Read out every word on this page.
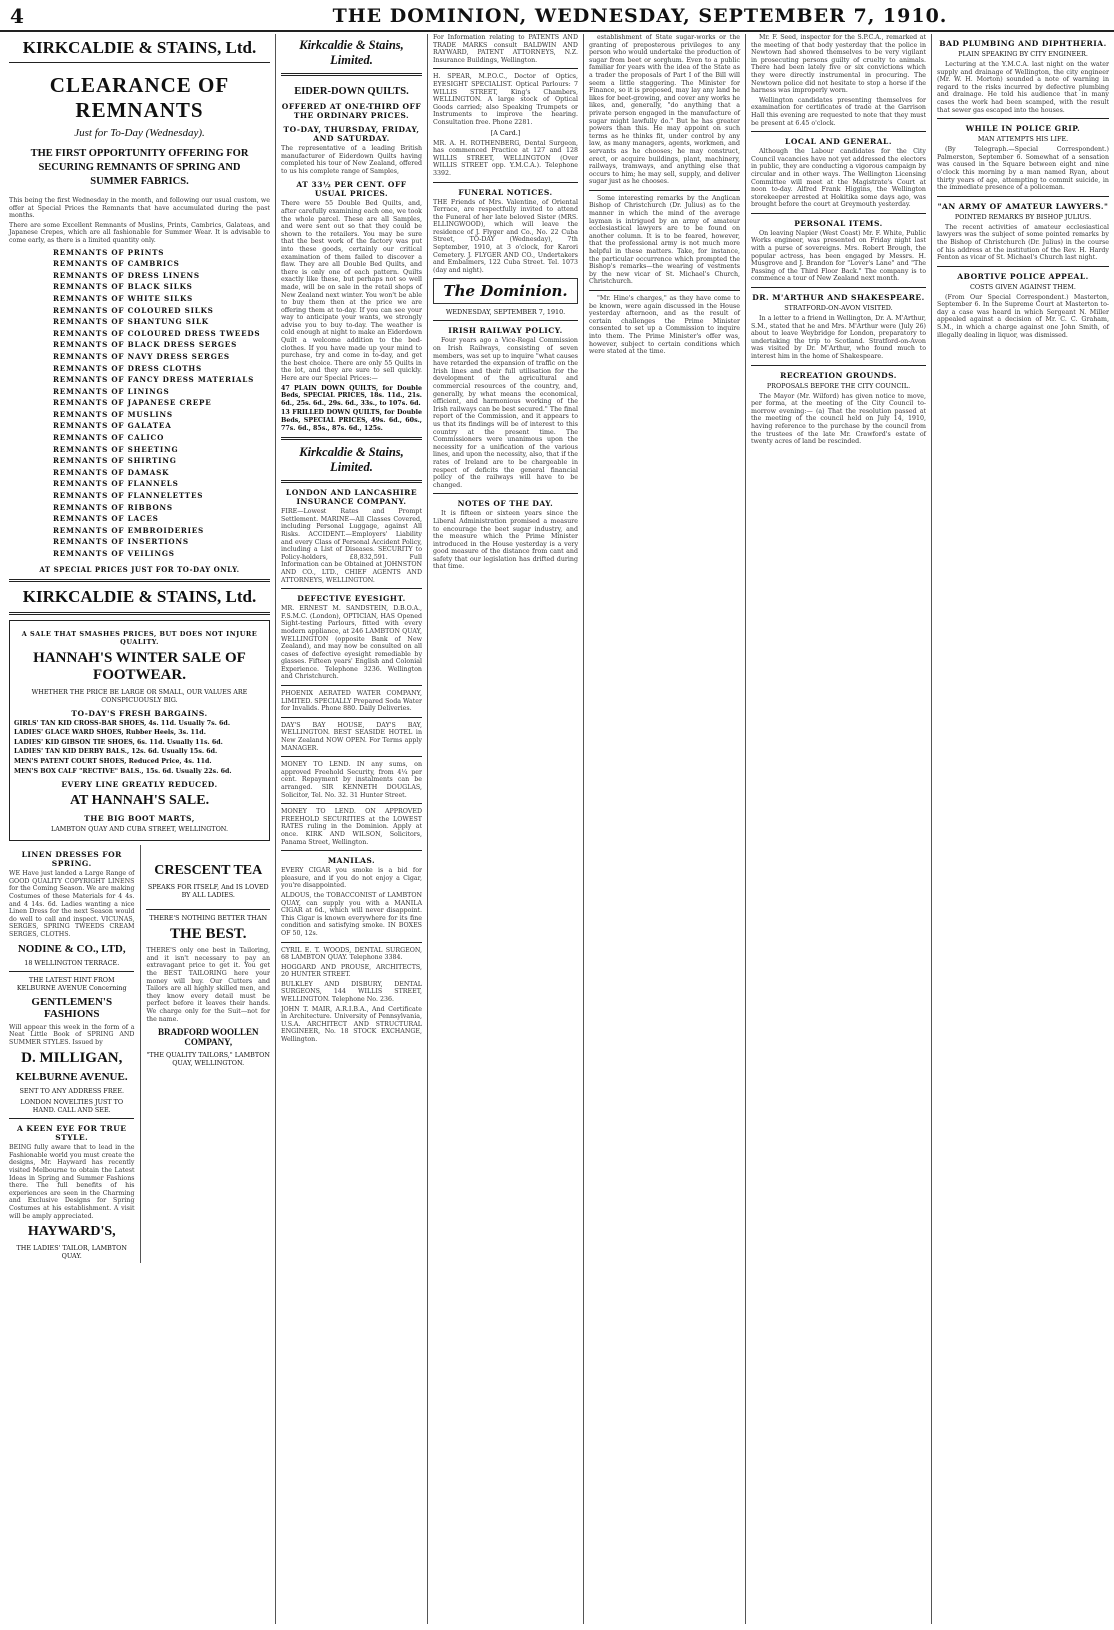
4	THE DOMINION, WEDNESDAY, SEPTEMBER 7, 1910.
KIRKCALDIE & STAINS, Ltd.
CLEARANCE OF REMNANTS
Just for To-Day (Wednesday).
THE FIRST OPPORTUNITY OFFERING FOR SECURING REMNANTS OF SPRING AND SUMMER FABRICS.

This being the first Wednesday in the month, and following our usual custom, we offer at Special Prices the Remnants that have accumulated during the past months.

There are some Excellent Remnants of Muslins, Prints, Cambrics, Galateas, and Japanese Crepes, which are all fashionable for Summer Wear. It is advisable to come early, as there is a limited quantity only.

REMNANTS OF PRINTS
REMNANTS OF CAMBRICS
REMNANTS OF DRESS LINENS
REMNANTS OF BLACK SILKS
REMNANTS OF WHITE SILKS
REMNANTS OF COLOURED SILKS
REMNANTS OF SHANTUNG SILK
REMNANTS OF COLOURED DRESS TWEEDS
REMNANTS OF BLACK DRESS SERGES
REMNANTS OF NAVY DRESS SERGES
REMNANTS OF DRESS CLOTHS
REMNANTS OF FANCY DRESS MATERIALS
REMNANTS OF LININGS
REMNANTS OF JAPANESE CREPE
REMNANTS OF MUSLINS
REMNANTS OF GALATEA
REMNANTS OF CALICO
REMNANTS OF SHEETING
REMNANTS OF SHIRTING
REMNANTS OF DAMASK
REMNANTS OF FLANNELS
REMNANTS OF FLANNELETTES
REMNANTS OF RIBBONS
REMNANTS OF LACES
REMNANTS OF EMBROIDERIES
REMNANTS OF INSERTIONS
REMNANTS OF VEILINGS
AT SPECIAL PRICES JUST FOR TO-DAY ONLY.
KIRKCALDIE & STAINS, Ltd.
A SALE THAT SMASHES PRICES, BUT DOES NOT INJURE QUALITY.
HANNAH'S WINTER SALE OF FOOTWEAR.
WHETHER THE PRICE BE LARGE OR SMALL, OUR VALUES ARE CONSPICUOUSLY BIG.
TO-DAY'S FRESH BARGAINS.

GIRLS' TAN KID CROSS-BAR SHOES, 4s. 11d. Usually 7s. 6d.

LADIES' GLACE WARD SHOES, Rubber Heels, 3s. 11d.

LADIES' KID GIBSON TIE SHOES, 6s. 11d. Usually 11s. 6d.

LADIES' TAN KID DERBY BALS., 12s. 6d. Usually 15s. 6d.

MEN'S PATENT COURT SHOES, Reduced Price, 4s. 11d.

MEN'S BOX CALF "RECTIVE" BALS., 15s. 6d. Usually 22s. 6d.

EVERY LINE GREATLY REDUCED.
AT HANNAH'S SALE.
THE BIG BOOT MARTS,
LAMBTON QUAY AND CUBA STREET, WELLINGTON.
LINEN DRESSES FOR SPRING.

WE Have just landed a Large Range of GOOD QUALITY COPYRIGHT LINENS for the Coming Season. We are making Costumes of these Materials for 4 4s. and 4 14s. 6d. Ladies wanting a nice Linen Dress for the next Season would do well to call and inspect. VICUNAS, SERGES, SPRING TWEEDS CREAM SERGES, CLOTHS.

NODINE & CO., LTD,
18 WELLINGTON TERRACE.
THE LATEST HINT FROM KELBURNE AVENUE Concerning
GENTLEMEN'S FASHIONS

Will appear this week in the form of a Neat Little Book of SPRING AND SUMMER STYLES. Issued by

D. MILLIGAN,
KELBURNE AVENUE.
SENT TO ANY ADDRESS FREE.
LONDON NOVELTIES JUST TO HAND. CALL AND SEE.
A KEEN EYE FOR TRUE STYLE.

BEING fully aware that to lead in the Fashionable world you must create the designs, Mr. Hayward has recently visited Melbourne to obtain the Latest Ideas in Spring and Summer Fashions there. The full benefits of his experiences are seen in the Charming and Exclusive Designs for Spring Costumes at his establishment. A visit will be amply appreciated.

HAYWARD'S,
THE LADIES' TAILOR, LAMBTON QUAY.
CRESCENT TEA
SPEAKS FOR ITSELF, And IS LOVED BY ALL LADIES.
THERE'S NOTHING BETTER THAN
THE BEST.

THERE'S only one best in Tailoring, and it isn't necessary to pay an extravagant price to get it. You get the BEST TAILORING here your money will buy. Our Cutters and Tailors are all highly skilled men, and they know every detail must be perfect before it leaves their hands. We charge only for the Suit—not for the name.

BRADFORD WOOLLEN COMPANY,
"THE QUALITY TAILORS," LAMBTON QUAY, WELLINGTON.
Kirkcaldie & Stains, Limited.
EIDER-DOWN QUILTS.
OFFERED AT ONE-THIRD OFF THE ORDINARY PRICES.
TO-DAY, THURSDAY, FRIDAY, AND SATURDAY.

The representative of a leading British manufacturer of Eiderdown Quilts having completed his tour of New Zealand, offered to us his complete range of Samples,

AT 33½ PER CENT. OFF USUAL PRICES.

There were 55 Double Bed Quilts, and, after carefully examining each one, we took the whole parcel. These are all Samples, and were sent out so that they could be shown to the retailers. You may be sure that the best work of the factory was put into these goods, certainly our critical examination of them failed to discover a flaw. They are all Double Bed Quilts, and there is only one of each pattern. Quilts exactly like these, but perhaps not so well made, will be on sale in the retail shops of New Zealand next winter. You won't be able to buy them then at the price we are offering them at to-day. If you can see your way to anticipate your wants, we strongly advise you to buy to-day. The weather is cold enough at night to make an Eiderdown Quilt a welcome addition to the bed-clothes. If you have made up your mind to purchase, try and come in to-day, and get the best choice. There are only 55 Quilts in the lot, and they are sure to sell quickly. Here are our Special Prices:—

47 PLAIN DOWN QUILTS, for Double Beds, SPECIAL PRICES, 18s. 11d., 21s. 6d., 25s. 6d., 29s. 6d., 33s., to 107s. 6d.

13 FRILLED DOWN QUILTS, for Double Beds, SPECIAL PRICES, 49s. 6d., 60s., 77s. 6d., 85s., 87s. 6d., 125s.

Kirkcaldie & Stains, Limited.
LONDON AND LANCASHIRE INSURANCE COMPANY.

FIRE—Lowest Rates and Prompt Settlement. MARINE—All Classes Covered, including Personal Luggage, against All Risks. ACCIDENT.—Employers' Liability and every Class of Personal Accident Policy, including a List of Diseases. SECURITY to Policy-holders, £8,832,591. Full Information can be Obtained at JOHNSTON AND CO., LTD., CHIEF AGENTS AND ATTORNEYS, WELLINGTON.

DEFECTIVE EYESIGHT.

MR. ERNEST M. SANDSTEIN, D.B.O.A., F.S.M.C. (London), OPTICIAN, HAS Opened Sight-testing Parlours, fitted with every modern appliance, at 246 LAMBTON QUAY, WELLINGTON (opposite Bank of New Zealand), and may now be consulted on all cases of defective eyesight remediable by glasses. Fifteen years' English and Colonial Experience. Telephone 3236. Wellington and Christchurch.

PHOENIX AERATED WATER COMPANY, LIMITED. SPECIALLY Prepared Soda Water for Invalids. Phone 880. Daily Deliveries.

DAY'S BAY HOUSE, DAY'S BAY, WELLINGTON. BEST SEASIDE HOTEL in New Zealand NOW OPEN. For Terms apply MANAGER.

MONEY TO LEND. IN any sums, on approved Freehold Security, from 4¼ per cent. Repayment by instalments can be arranged. SIR KENNETH DOUGLAS, Solicitor, Tel. No. 32. 31 Hunter Street.

MONEY TO LEND. ON APPROVED FREEHOLD SECURITIES at the LOWEST RATES ruling in the Dominion. Apply at once. KIRK AND WILSON, Solicitors, Panama Street, Wellington.

MANILAS.

EVERY CIGAR you smoke is a bid for pleasure, and if you do not enjoy a Cigar, you're disappointed.

ALDOUS, the TOBACCONIST of LAMBTON QUAY, can supply you with a MANILA CIGAR at 6d., which will never disappoint. This Cigar is known everywhere for its fine condition and satisfying smoke. IN BOXES OF 50, 12s.

CYRIL E. T. WOODS, DENTAL SURGEON, 68 LAMBTON QUAY. Telephone 3384.

HOGGARD AND PROUSE, ARCHITECTS, 20 HUNTER STREET.

BULKLEY AND DISBURY, DENTAL SURGEONS, 144 WILLIS STREET, WELLINGTON. Telephone No. 236.

JOHN T. MAIR, A.R.I.B.A., And Certificate in Architecture. University of Pennsylvania, U.S.A. ARCHITECT AND STRUCTURAL ENGINEER, No. 18 STOCK EXCHANGE, Wellington.

For Information relating to PATENTS AND TRADE MARKS consult BALDWIN AND RAYWARD, PATENT ATTORNEYS, N.Z. Insurance Buildings, Wellington.

H. SPEAR, M.P.O.C., Doctor of Optics, EYESIGHT SPECIALIST. Optical Parlours: 7 WILLIS STREET, King's Chambers, WELLINGTON. A large stock of Optical Goods carried; also Speaking Trumpets or Instruments to improve the hearing. Consultation free. Phone 2281.

[A Card.]

MR. A. H. ROTHENBERG, Dental Surgeon, has commenced Practice at 127 and 128 WILLIS STREET, WELLINGTON (Over WILLIS STREET opp. Y.M.C.A.). Telephone 3392.

FUNERAL NOTICES.

THE Friends of Mrs. Valentine, of Oriental Terrace, are respectfully invited to attend the Funeral of her late beloved Sister (MRS. ELLINGWOOD), which will leave the residence of J. Flyger and Co., No. 22 Cuba Street, TO-DAY (Wednesday), 7th September, 1910, at 3 o'clock, for Karori Cemetery. J. FLYGER AND CO., Undertakers and Embalmers, 122 Cuba Street. Tel. 1073 (day and night).

The Dominion.
WEDNESDAY, SEPTEMBER 7, 1910.
IRISH RAILWAY POLICY.

Four years ago a Vice-Regal Commission on Irish Railways, consisting of seven members, was set up to inquire "what causes have retarded the expansion of traffic on the Irish lines and their full utilisation for the development of the agricultural and commercial resources of the country, and, generally, by what means the economical, efficient, and harmonious working of the Irish railways can be best secured." The final report of the Commission, and it appears to us that its findings will be of interest to this country at the present time. The Commissioners were unanimous upon the necessity for a unification of the various lines, and upon the necessity, also, that if the rates of Ireland are to be chargeable in respect of deficits the general financial policy of the railways will have to be changed.

NOTES OF THE DAY.

It is fifteen or sixteen years since the Liberal Administration promised a measure to encourage the beet sugar industry, and the measure which the Prime Minister introduced in the House yesterday is a very good measure of the distance from cant and safety that our legislation has drifted during that time.

establishment of State sugar-works or the granting of preposterous privileges to any person who would undertake the production of sugar from beet or sorghum. Even to a public familiar for years with the idea of the State as a trader the proposals of Part I of the Bill will seem a little staggering. The Minister for Finance, so it is proposed, may lay any land he likes for beet-growing, and cover any works he likes, and, generally, "do anything that a private person engaged in the manufacture of sugar might lawfully do." But he has greater powers than this. He may appoint on such terms as he thinks fit, under control by any law, as many managers, agents, workmen, and servants as he chooses; he may construct, erect, or acquire buildings, plant, machinery, railways, tramways, and anything else that occurs to him; he may sell, supply, and deliver sugar just as he chooses.

Some interesting remarks by the Anglican Bishop of Christchurch (Dr. Julius) as to the manner in which the mind of the average layman is intrigued by an army of amateur ecclesiastical lawyers are to be found on another column. It is to be feared, however, that the professional army is not much more helpful in these matters. Take, for instance, the particular occurrence which prompted the Bishop's remarks—the wearing of vestments by the new vicar of St. Michael's Church, Christchurch.

"Mr. Hine's charges," as they have come to be known, were again discussed in the House yesterday afternoon, and as the result of certain challenges the Prime Minister consented to set up a Commission to inquire into them. The Prime Minister's offer was, however, subject to certain conditions which were stated at the time.

Mr. F. Seed, inspector for the S.P.C.A., remarked at the meeting of that body yesterday that the police in Newtown had showed themselves to be very vigilant in prosecuting persons guilty of cruelty to animals. There had been lately five or six convictions which they were directly instrumental in procuring. The Newtown police did not hesitate to stop a horse if the harness was improperly worn.

Wellington candidates presenting themselves for examination for certificates of trade at the Garrison Hall this evening are requested to note that they must be present at 6.45 o'clock.

LOCAL AND GENERAL.

Although the Labour candidates for the City Council vacancies have not yet addressed the electors in public, they are conducting a vigorous campaign by circular and in other ways. The Wellington Licensing Committee will meet at the Magistrate's Court at noon to-day. Alfred Frank Higgins, the Wellington storekeeper arrested at Hokitika some days ago, was brought before the court at Greymouth yesterday.

PERSONAL ITEMS.

On leaving Napier (West Coast) Mr. F. White, Public Works engineer, was presented on Friday night last with a purse of sovereigns. Mrs. Robert Brough, the popular actress, has been engaged by Messrs. H. Musgrove and J. Brandon for "Lover's Lane" and "The Passing of the Third Floor Back." The company is to commence a tour of New Zealand next month.

DR. M'ARTHUR AND SHAKESPEARE.
STRATFORD-ON-AVON VISITED.

In a letter to a friend in Wellington, Dr. A. M'Arthur, S.M., stated that he and Mrs. M'Arthur were (July 26) about to leave Weybridge for London, preparatory to undertaking the trip to Scotland. Stratford-on-Avon was visited by Dr. M'Arthur, who found much to interest him in the home of Shakespeare.

RECREATION GROUNDS.
PROPOSALS BEFORE THE CITY COUNCIL.

The Mayor (Mr. Wilford) has given notice to move, per forma, at the meeting of the City Council to-morrow evening:— (a) That the resolution passed at the meeting of the council held on July 14, 1910, having reference to the purchase by the council from the trustees of the late Mr. Crawford's estate of twenty acres of land be rescinded.

BAD PLUMBING AND DIPHTHERIA.
PLAIN SPEAKING BY CITY ENGINEER.

Lecturing at the Y.M.C.A. last night on the water supply and drainage of Wellington, the city engineer (Mr. W. H. Morton) sounded a note of warning in regard to the risks incurred by defective plumbing and drainage. He told his audience that in many cases the work had been scamped, with the result that sewer gas escaped into the houses.

WHILE IN POLICE GRIP.
MAN ATTEMPTS HIS LIFE.

(By Telegraph.—Special Correspondent.) Palmerston, September 6. Somewhat of a sensation was caused in the Square between eight and nine o'clock this morning by a man named Ryan, about thirty years of age, attempting to commit suicide, in the immediate presence of a policeman.

"AN ARMY OF AMATEUR LAWYERS."
POINTED REMARKS BY BISHOP JULIUS.

The recent activities of amateur ecclesiastical lawyers was the subject of some pointed remarks by the Bishop of Christchurch (Dr. Julius) in the course of his address at the institution of the Rev. H. Hardy Fenton as vicar of St. Michael's Church last night.

ABORTIVE POLICE APPEAL.
COSTS GIVEN AGAINST THEM.

(From Our Special Correspondent.) Masterton, September 6. In the Supreme Court at Masterton to-day a case was heard in which Sergeant N. Miller appealed against a decision of Mr. C. C. Graham, S.M., in which a charge against one John Smith, of illegally dealing in liquor, was dismissed.
